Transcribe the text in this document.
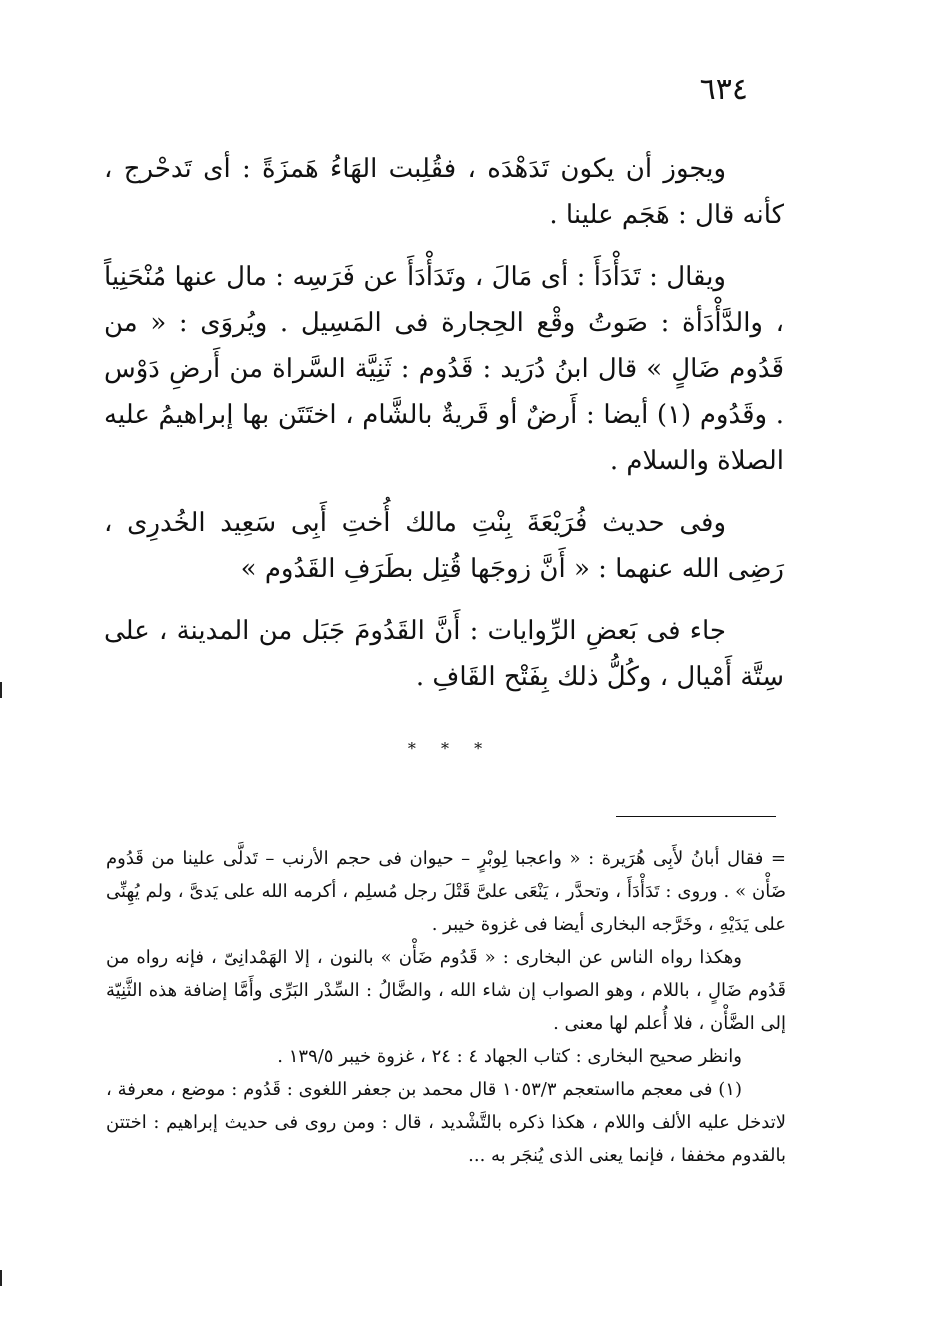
٦٣٤

ويجوز أن يكون تَدَهْدَه ، فقُلِبت الهَاءُ هَمزَةً : أى تَدحْرج ، كأنه قال : هَجَم علينا .

ويقال : تَدَأْدَأَ : أى مَالَ ، وتَدَأْدَأَ عن فَرَسِه : مال عنها مُنْحَنِياً ، والدَّأْدَأة : صَوتُ وقْع الحِجارة فى المَسِيل . ويُروَى : « من قَدُوم ضَالٍ » قال ابنُ دُرَيد : قَدُوم : ثَنِيَّة السَّراة من أَرضِ دَوْس . وقَدُوم (١) أيضا : أَرضٌ أو قَريةٌ بالشَّام ، اختَتَن بها إبراهيمُ عليه الصلاة والسلام .

وفى حديث فُرَيْعَةَ بِنْتِ مالك أُختِ أَبِى سَعِيد الخُدرِى ، رَضِى الله عنهما : « أَنَّ زوجَها قُتِل بطَرَفِ القَدُوم »

جاء فى بَعضِ الرِّوايات : أَنَّ القَدُومَ جَبَل من المدينة ، على سِتَّة أَمْيال ، وكُلُّ ذلك بِفَتْح القَافِ .

* * *

= فقال أبانُ لأَبِى هُرَيرة : « واعجبا لِوبْرٍ – حيوان فى حجم الأرنب – تَدلَّى علينا من قَدُوم ضَأْن » . وروى : تَدَأْدَأَ ، وتحدَّر ، يَنْعَى علىَّ قَتْلَ رجل مُسلِم ، أكرمه الله على يَدىَّ ، ولم يُهِنِّى على يَدَيْهِ ، وخَرَّجه البخارى أيضا فى غزوة خيبر .

وهكذا رواه الناس عن البخارى : « قَدُوم ضَأْن » بالنون ، إلا الهَمْدانِىّ ، فإنه رواه من قَدُوم ضَالٍ ، باللام ، وهو الصواب إن شاء الله ، والضَّالُ : السِّدْر البَرِّى وأَمَّا إضافة هذه الثَّنِيّة إلى الضَّأْن ، فلا أُعلم لها معنى .

وانظر صحيح البخارى : كتاب الجهاد ٤ : ٢٤ ، غزوة خيبر ١٣٩/٥ .

(١) فى معجم مااستعجم ١٠٥٣/٣ قال محمد بن جعفر اللغوى : قَدُوم : موضع ، معرفة ، لاتدخل عليه الألف واللام ، هكذا ذكره بالتَّشْديد ، قال : ومن روى فى حديث إبراهيم : اختتن بالقدوم مخففا ، فإنما يعنى الذى يُنجَر به ...
